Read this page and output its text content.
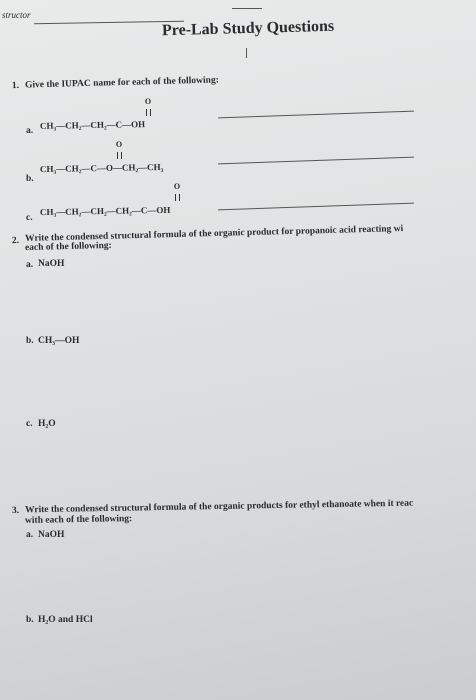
structor
Pre-Lab Study Questions
1. Give the IUPAC name for each of the following:
O
a.
CH₃—CH₂—CH₂—C—OH
O
b.
CH₃—CH₂—C—O—CH₂—CH₃
O
c.
CH₃—CH₂—CH₂—CH₂—C—OH
2. Write the condensed structural formula of the organic product for propanoic acid reacting wi
each of the following:
a. NaOH
b. CH₃—OH
c. H₂O
3. Write the condensed structural formula of the organic products for ethyl ethanoate when it reac
with each of the following:
a. NaOH
b. H₂O and HCl
